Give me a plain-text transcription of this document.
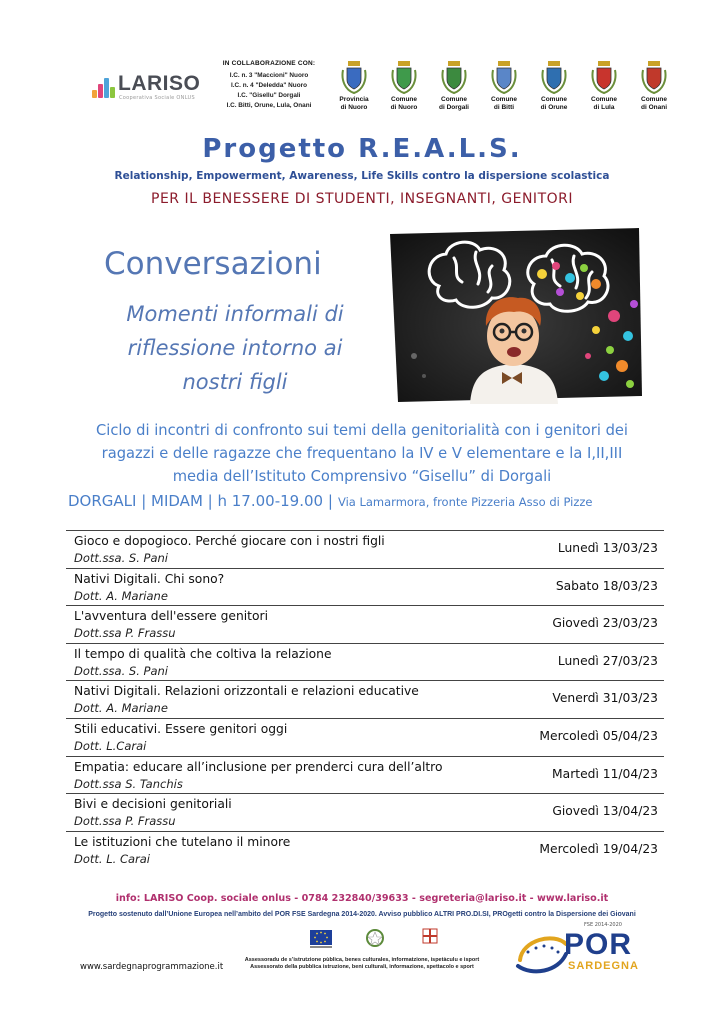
LARISO
Cooperativa Sociale ONLUS
IN COLLABORAZIONE CON:
I.C. n. 3 "Maccioni" Nuoro
I.C. n. 4 "Deledda" Nuoro
I.C. "Gisellu" Dorgali
I.C. Bitti, Orune, Lula, Onani
Provincia
di Nuoro
Comune
di Nuoro
Comune
di Dorgali
Comune
di Bitti
Comune
di Orune
Comune
di Lula
Comune
di Onani
Progetto R.E.A.L.S.
Relationship, Empowerment, Awareness, Life Skills contro la dispersione scolastica
PER IL BENESSERE DI STUDENTI, INSEGNANTI, GENITORI
Conversazioni
Momenti informali di
riflessione intorno ai
nostri figli
Ciclo di incontri di confronto sui temi della genitorialità con i genitori dei
ragazzi e delle ragazze che frequentano la IV e V elementare e la I,II,III
media dell’Istituto Comprensivo “Gisellu” di Dorgali
DORGALI | MIDAM | h 17.00-19.00 | Via Lamarmora, fronte Pizzeria Asso di Pizze
Gioco e dopogioco. Perché giocare con i nostri figli
Dott.ssa. S. Pani
Lunedì 13/03/23
Nativi Digitali. Chi sono?
Dott. A. Mariane
Sabato 18/03/23
L'avventura dell'essere genitori
Dott.ssa P. Frassu
Giovedì 23/03/23
Il tempo di qualità che coltiva la relazione
Dott.ssa. S. Pani
Lunedì 27/03/23
Nativi Digitali. Relazioni orizzontali e relazioni educative
Dott. A. Mariane
Venerdì 31/03/23
Stili educativi. Essere genitori oggi
Dott. L.Carai
Mercoledì 05/04/23
Empatia: educare all’inclusione per prenderci cura dell’altro
Dott.ssa S. Tanchis
Martedì 11/04/23
Bivi e decisioni genitoriali
Dott.ssa P. Frassu
Giovedì 13/04/23
Le istituzioni che tutelano il minore
Dott. L. Carai
Mercoledì 19/04/23
info: LARISO Coop. sociale onlus - 0784 232840/39633 - segreteria@lariso.it - www.lariso.it
Progetto sostenuto dall’Unione Europea nell’ambito del POR FSE Sardegna 2014-2020. Avviso pubblico ALTRI PRO.DI.SI, PROgetti contro la Dispersione dei Giovani
www.sardegnaprogrammazione.it
Assessoradu de s’istrutzione pùblica, benes culturales, informatzione, ispetàculu e isport
Assessorato della pubblica istruzione, beni culturali, informazione, spettacolo e sport
FSE 2014-2020
POR
SARDEGNA
